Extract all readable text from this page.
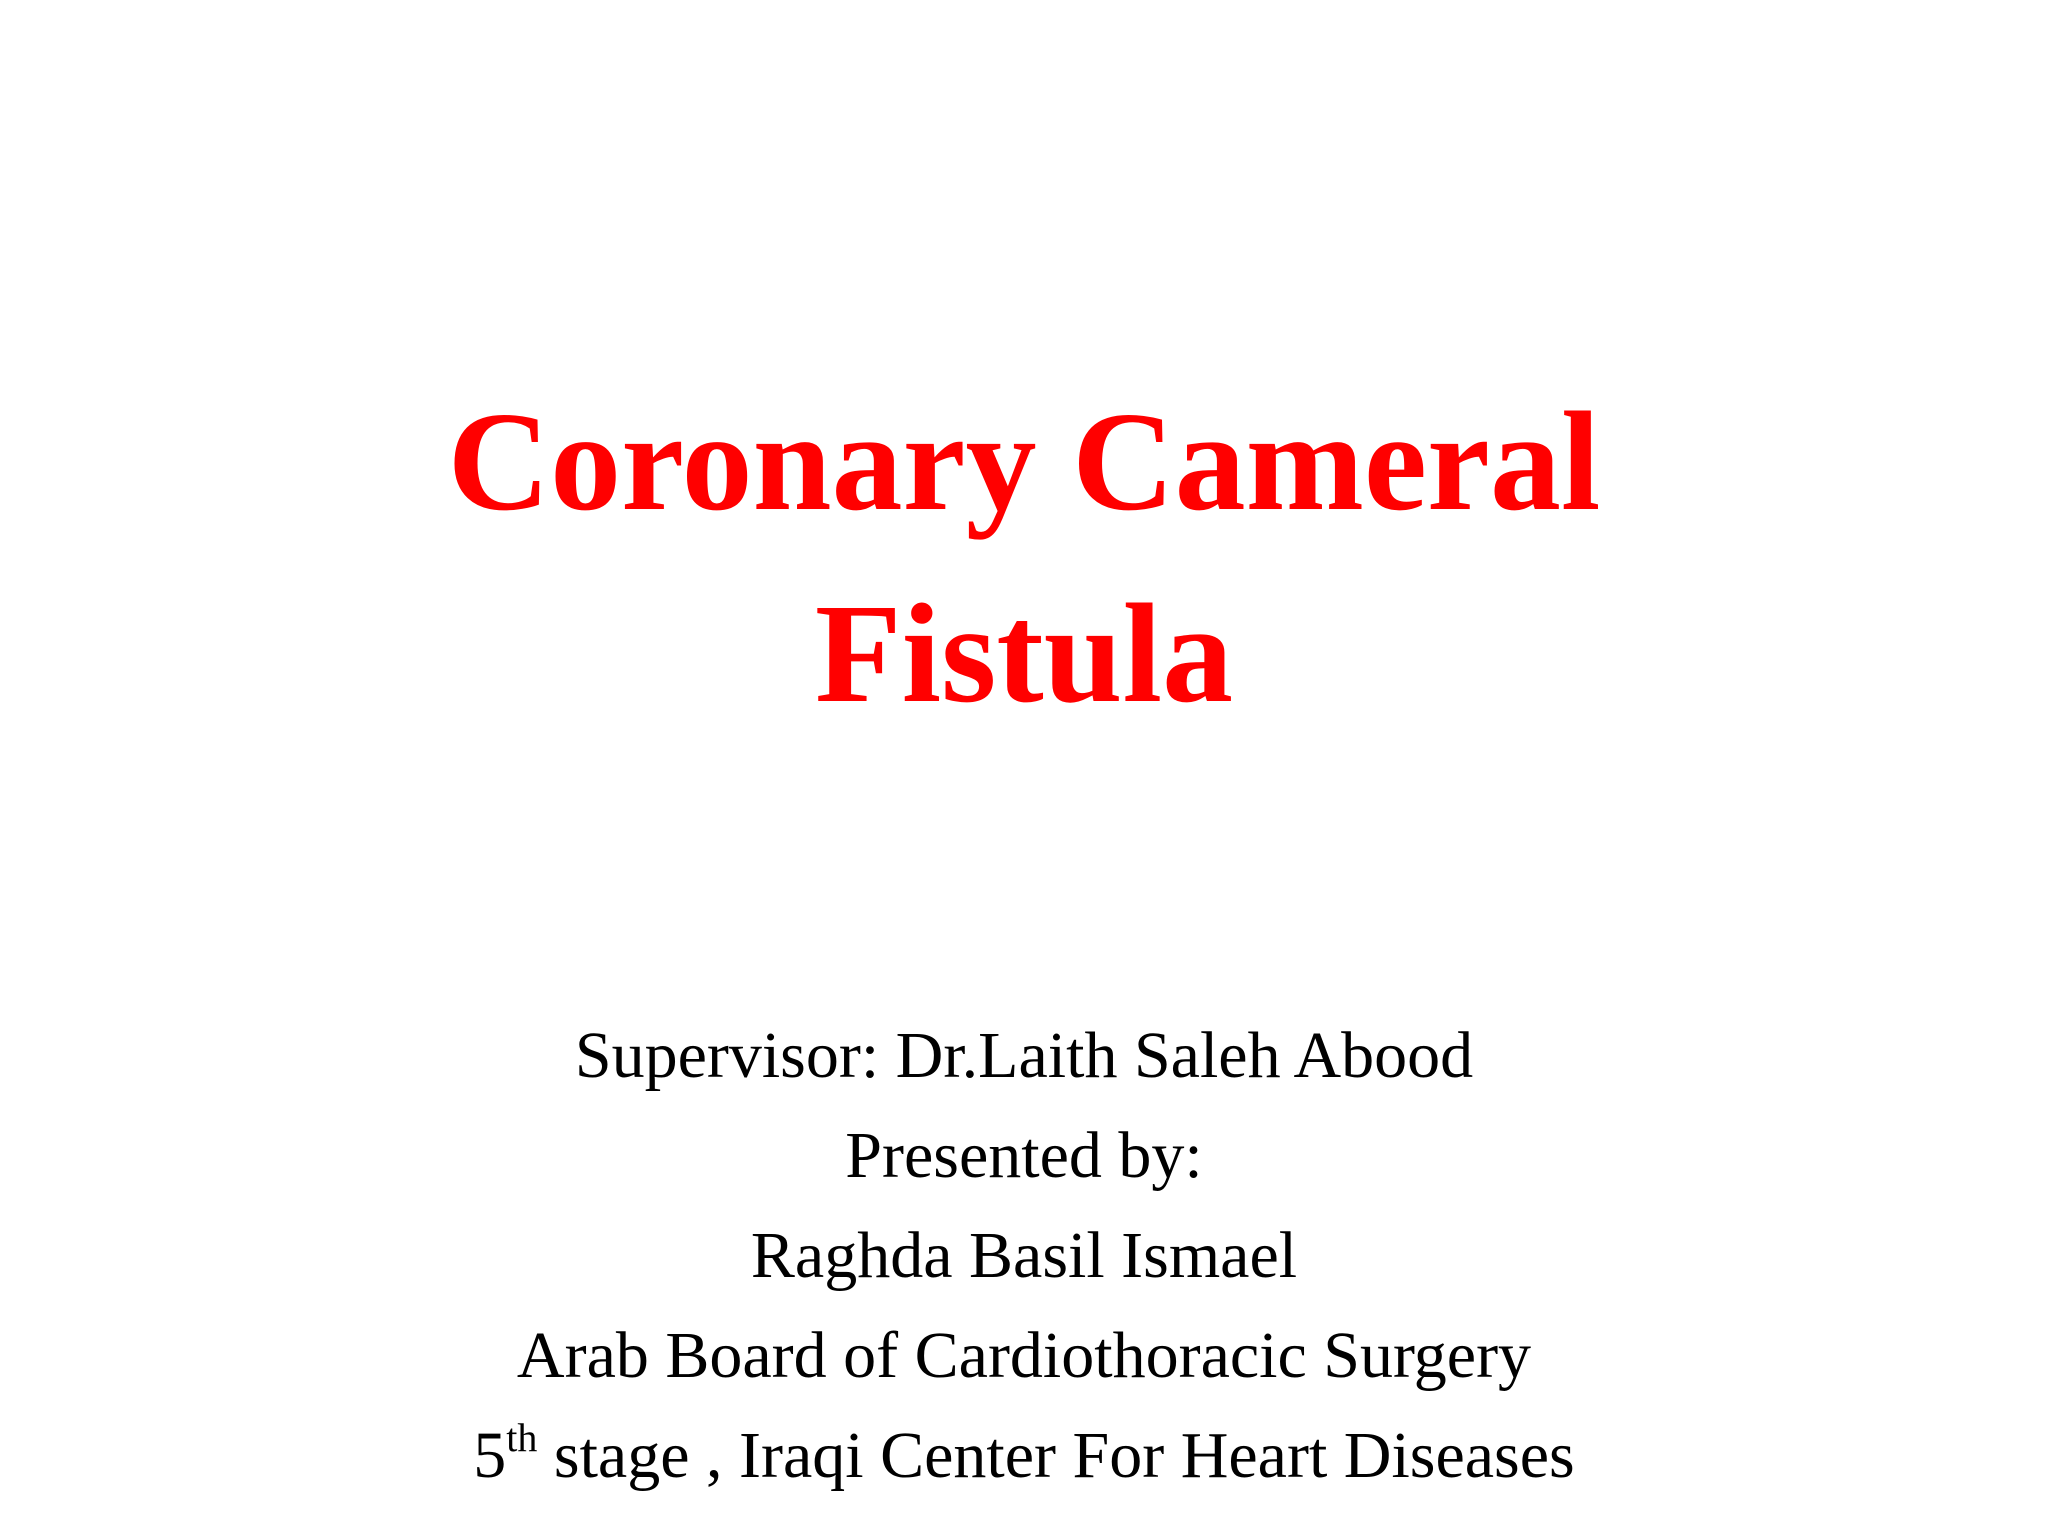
Coronary Cameral
Fistula
Supervisor: Dr.Laith Saleh Abood
Presented by:
Raghda Basil Ismael
Arab Board of Cardiothoracic Surgery
5th stage , Iraqi Center For Heart Diseases
